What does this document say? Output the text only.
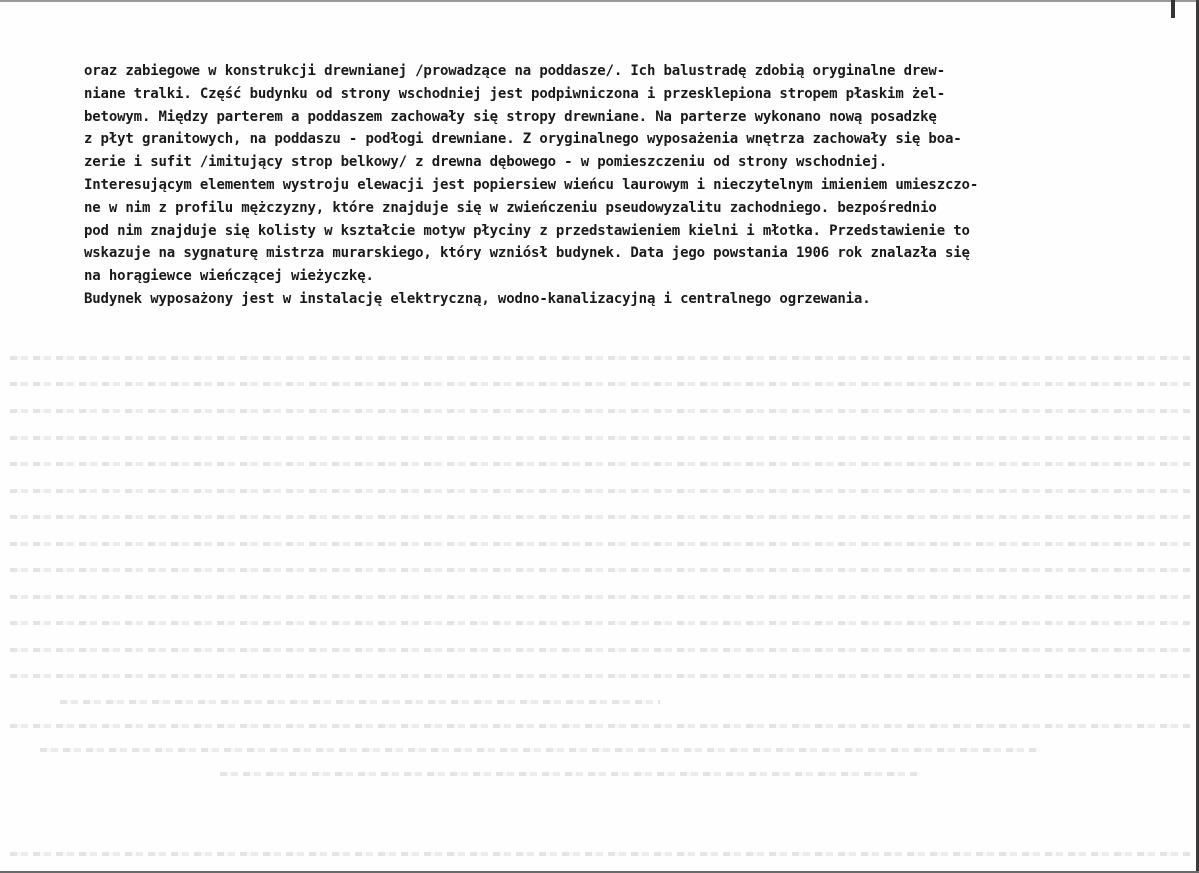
oraz zabiegowe w konstrukcji drewnianej /prowadzące na poddasze/. Ich balustradę zdobią oryginalne drew-
niane tralki. Część budynku od strony wschodniej jest podpiwniczona i przesklepiona stropem płaskim żel-
betowym. Między parterem a poddaszem zachowały się stropy drewniane. Na parterze wykonano nową posadzkę
z płyt granitowych, na poddaszu - podłogi drewniane. Z oryginalnego wyposażenia wnętrza zachowały się boa-
zerie i sufit /imitujący strop belkowy/ z drewna dębowego - w pomieszczeniu od strony wschodniej.
Interesującym elementem wystroju elewacji jest popiersiew wieńcu laurowym i nieczytelnym imieniem umieszczo-
ne w nim z profilu mężczyzny, które znajduje się w zwieńczeniu pseudowyzalitu zachodniego. bezpośrednio
pod nim znajduje się kolisty w kształcie motyw płyciny z przedstawieniem kielni i młotka. Przedstawienie to
wskazuje na sygnaturę mistrza murarskiego, który wzniósł budynek. Data jego powstania 1906 rok znalazła się
na horągiewce wieńczącej wieżyczkę.
Budynek wyposażony jest w instalację elektryczną, wodno-kanalizacyjną i centralnego ogrzewania.
